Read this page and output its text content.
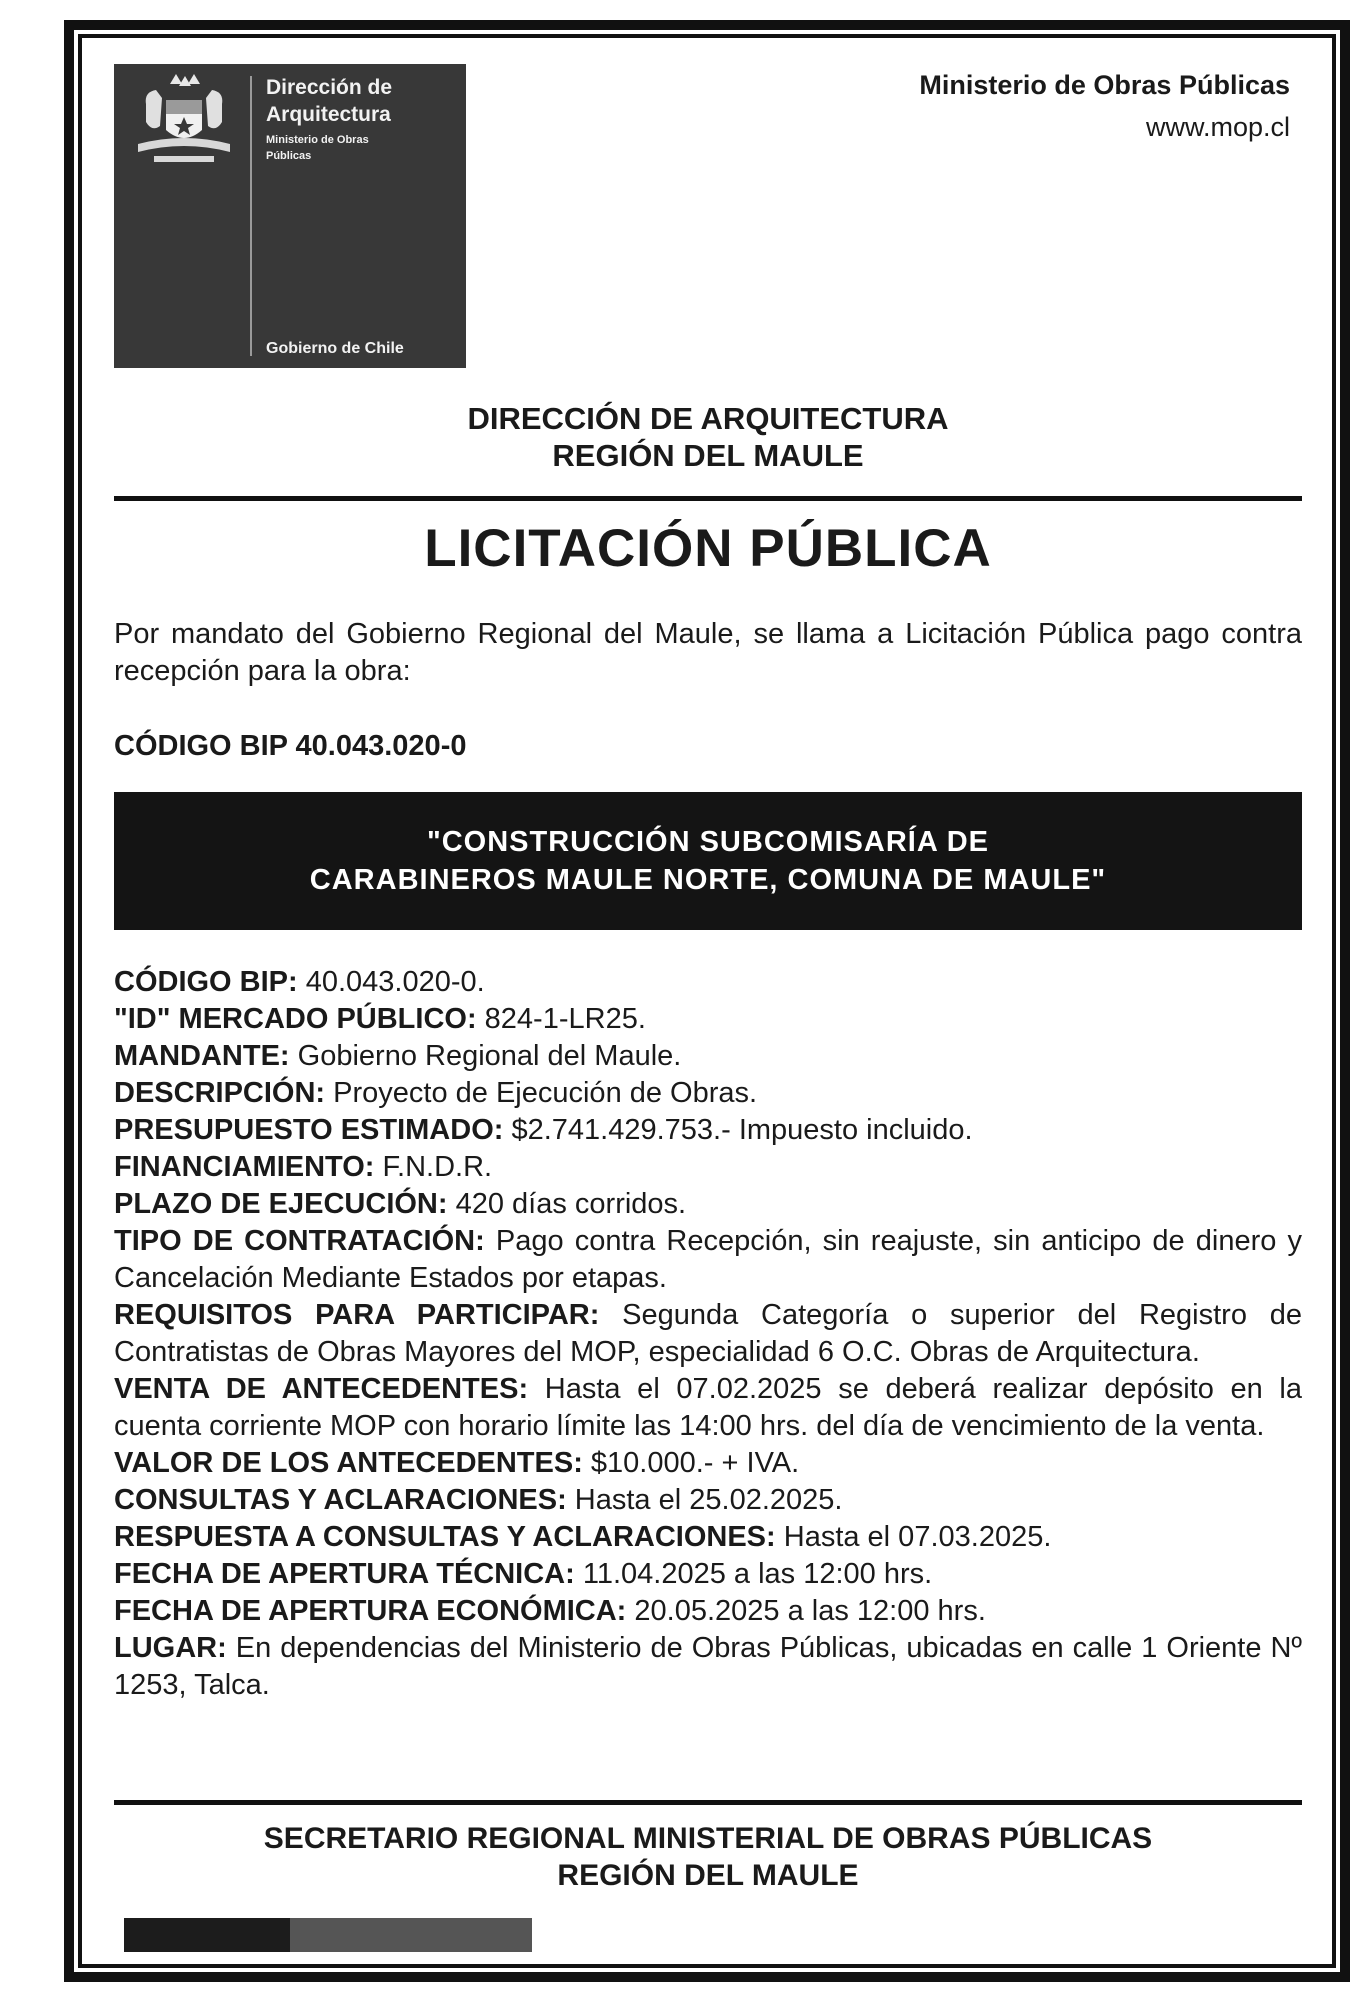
Dirección de Arquitectura
Ministerio de Obras Públicas
Gobierno de Chile
Ministerio de Obras Públicas
www.mop.cl
DIRECCIÓN DE ARQUITECTURA
REGIÓN DEL MAULE
LICITACIÓN PÚBLICA
Por mandato del Gobierno Regional del Maule, se llama a Licitación Pública pago contra recepción para la obra:
CÓDIGO BIP 40.043.020-0
"CONSTRUCCIÓN SUBCOMISARÍA DE
CARABINEROS MAULE NORTE, COMUNA DE MAULE"
CÓDIGO BIP: 40.043.020-0.
"ID" MERCADO PÚBLICO: 824-1-LR25.
MANDANTE: Gobierno Regional del Maule.
DESCRIPCIÓN: Proyecto de Ejecución de Obras.
PRESUPUESTO ESTIMADO: $2.741.429.753.- Impuesto incluido.
FINANCIAMIENTO: F.N.D.R.
PLAZO DE EJECUCIÓN: 420 días corridos.
TIPO DE CONTRATACIÓN: Pago contra Recepción, sin reajuste, sin anticipo de dinero y Cancelación Mediante Estados por etapas.
REQUISITOS PARA PARTICIPAR: Segunda Categoría o superior del Registro de Contratistas de Obras Mayores del MOP, especialidad 6 O.C. Obras de Arquitectura.
VENTA DE ANTECEDENTES: Hasta el 07.02.2025 se deberá realizar depósito en la cuenta corriente MOP con horario límite las 14:00 hrs. del día de vencimiento de la venta.
VALOR DE LOS ANTECEDENTES: $10.000.- + IVA.
CONSULTAS Y ACLARACIONES: Hasta el 25.02.2025.
RESPUESTA A CONSULTAS Y ACLARACIONES: Hasta el 07.03.2025.
FECHA DE APERTURA TÉCNICA: 11.04.2025 a las 12:00 hrs.
FECHA DE APERTURA ECONÓMICA: 20.05.2025 a las 12:00 hrs.
LUGAR: En dependencias del Ministerio de Obras Públicas, ubicadas en calle 1 Oriente Nº 1253, Talca.
SECRETARIO REGIONAL MINISTERIAL DE OBRAS PÚBLICAS
REGIÓN DEL MAULE
